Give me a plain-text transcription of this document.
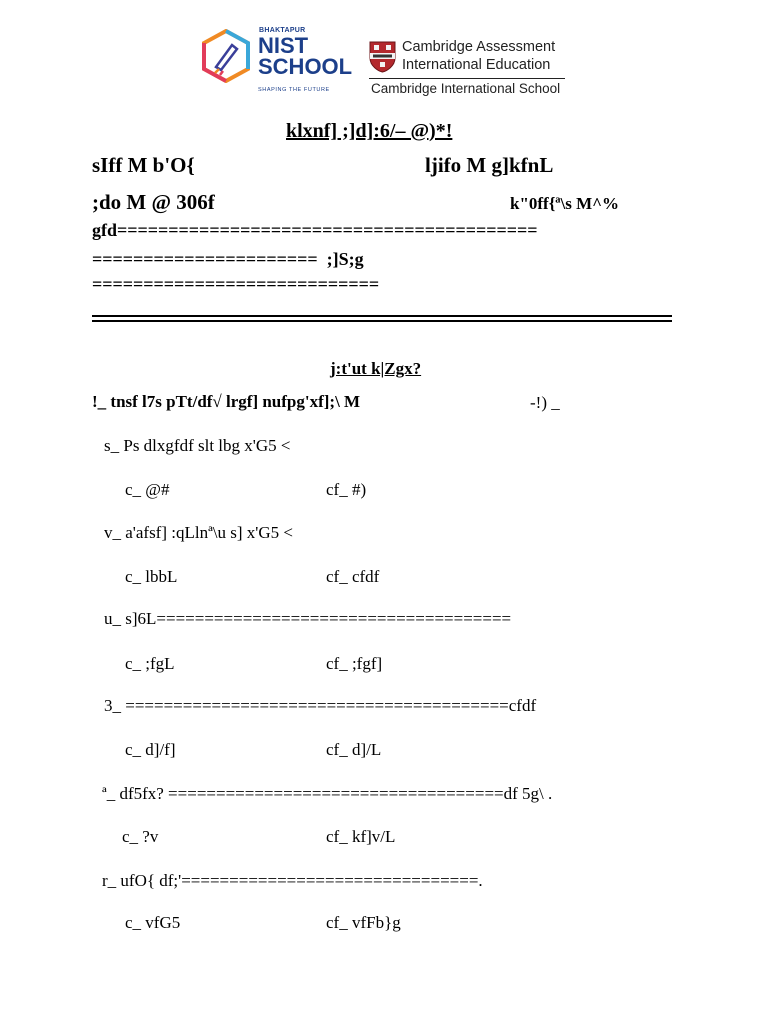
BHAKTAPUR
NIST
SCHOOL
SHAPING THE FUTURE
Cambridge Assessment
International Education
Cambridge International School
klxnf] ;]d]:6/– @)*!
sIff M b'O{	ljifo M g]kfnL
;do M @ 306f	k"0ff{ª\s M^%
gfd=========================================
======================  ;]S;g
============================
j:t'ut k|Zgx?
!_ tnsf l7s pTt/df√ lrgf] nufpg'xf];\ M	-!) _
s_ Ps dlxgfdf slt lbg x'G5 <
c_ @#	cf_ #)
v_ a'afsf] :qLlnª\u s] x'G5 <
c_ lbbL	cf_ cfdf
u_ s]6L=====================================
c_ ;fgL	cf_ ;fgf]
3_ ========================================cfdf
c_ d]/f]	cf_ d]/L
ª_ df5fx? ===================================df 5g\ .
c_ ?v	cf_ kf]v/L
r_ ufO{ df;'===============================.
c_ vfG5	cf_ vfFb}g
